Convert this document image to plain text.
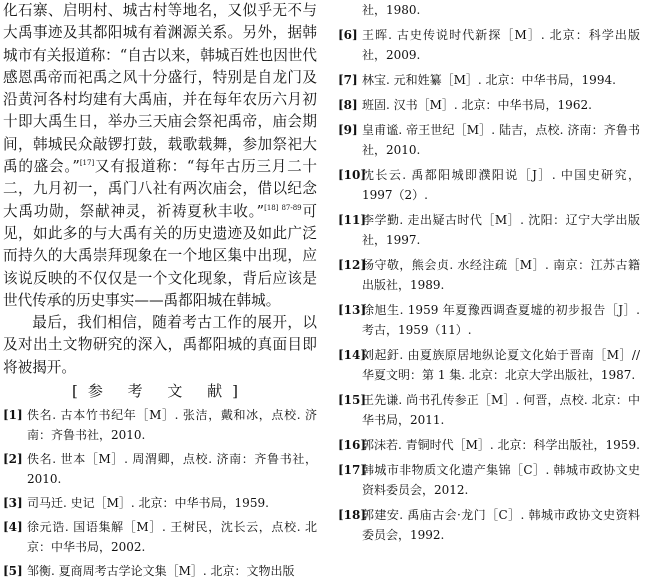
化石寨、启明村、城古村等地名，又似乎无不与大禹事迹及其都阳城有着渊源关系。另外，据韩城市有关报道称：“自古以来，韩城百姓也因世代感恩禹帝而祀禹之风十分盛行，特别是自龙门及沿黄河各村均建有大禹庙，并在每年农历六月初十即大禹生日，举办三天庙会祭祀禹帝，庙会期间，韩城民众敲锣打鼓，载歌载舞，参加祭祀大禹的盛会。”[17]又有报道称：“每年古历三月二十二，九月初一，禹门八社有两次庙会，借以纪念大禹功勋，祭献神灵，祈祷夏秋丰收。”$^{[18] 87-89}$可见，如此多的与大禹有关的历史遗迹及如此广泛而持久的大禹崇拜现象在一个地区集中出现，应该说反映的不仅仅是一个文化现象，背后应该是世代传承的历史事实——禹都阳城在韩城。

最后，我们相信，随着考古工作的展开，以及对出土文物研究的深入，禹都阳城的真面目即将被揭开。

[参 考 文 献]
[1] 佚名. 古本竹书纪年［M］. 张洁，戴和冰，点校. 济南：齐鲁书社，2010.
[2] 佚名. 世本［M］. 周渭卿，点校. 济南：齐鲁书社，2010.
[3] 司马迁. 史记［M］. 北京：中华书局，1959.
[4] 徐元诰. 国语集解［M］. 王树民，沈长云，点校. 北京：中华书局，2002.
[5] 邹衡. 夏商周考古学论文集［M］. 北京：文物出版
社，1980.
[6] 王晖. 古史传说时代新探［M］. 北京：科学出版社，2009.
[7] 林宝. 元和姓纂［M］. 北京：中华书局，1994.
[8] 班固. 汉书［M］. 北京：中华书局，1962.
[9] 皇甫谧. 帝王世纪［M］. 陆吉，点校. 济南：齐鲁书社，2010.
[10]
沈长云. 禹都阳城即濮阳说［J］. 中国史研究，1997（2）.
[11]
李学勤. 走出疑古时代［M］. 沈阳：辽宁大学出版社，1997.
[12]
杨守敬，熊会贞. 水经注疏［M］. 南京：江苏古籍出版社，1989.
[13]
徐旭生. 1959 年夏豫西调查夏墟的初步报告［J］. 考古，1959（11）.
[14]
刘起釪. 由夏族原居地纵论夏文化始于晋南［M］// 华夏文明：第 1 集. 北京：北京大学出版社，1987.
[15]
王先谦. 尚书孔传参正［M］. 何晋，点校. 北京：中华书局，2011.
[16]
郭沫若. 青铜时代［M］. 北京：科学出版社，1959.
[17]
韩城市非物质文化遗产集锦［C］. 韩城市政协文史资料委员会，2012.
[18]
郭建安. 禹庙古会·龙门［C］. 韩城市政协文史资料委员会，1992.
